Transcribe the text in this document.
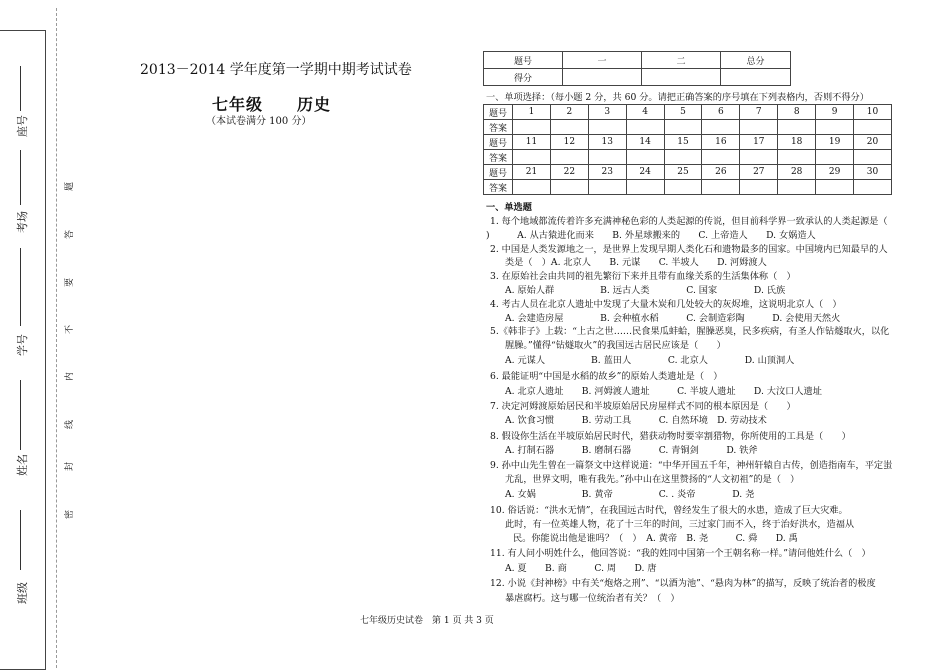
班级
姓名
学号
考场
座号
密
封
线
内
不
要
答
题
2013－2014 学年度第一学期中期考试试卷
七年级　　历史
（本试卷满分 100 分）
题号	一	二	总分
得分			
一、单项选择：（每小题 2 分，共 60 分。请把正确答案的序号填在下列表格内，否则不得分）
题号	1	2	3	4	5	6	7	8	9	10
答案										
题号	11	12	13	14	15	16	17	18	19	20
答案										
题号	21	22	23	24	25	26	27	28	29	30
答案										
一、单选题
1. 每个地域都流传着许多充满神秘色彩的人类起源的传说，但目前科学界一致承认的人类起源是（
)　　　A. 从古猿进化而来　　B. 外星球搬来的　　C. 上帝造人　　D. 女娲造人
2. 中国是人类发源地之一，是世界上发现早期人类化石和遗物最多的国家。中国境内已知最早的人
类是（　）A. 北京人　　B. 元谋　　C. 半坡人　　D. 河姆渡人
3. 在原始社会由共同的祖先繁衍下来并且带有血缘关系的生活集体称（　）
A. 原始人群　　　　　B. 远古人类　　　　C. 国家　　　　D. 氏族
4. 考古人员在北京人遗址中发现了大量木炭和几处较大的灰烬堆，这说明北京人（　）
A. 会建造房屋　　　　B. 会种植水稻　　　C. 会制造彩陶　　　D. 会使用天然火
5.《韩非子》上载：“上古之世……民食果瓜蚌蛤，腥臊恶臭，民多疾病，有圣人作钻燧取火，以化
腥臊。”懂得“钻燧取火”的我国远古居民应该是（　　）
A. 元谋人　　　　　B. 蓝田人　　　　C. 北京人　　　　D. 山顶洞人
6. 最能证明“中国是水稻的故乡”的原始人类遗址是（　）
A. 北京人遗址　　B. 河姆渡人遗址　　　C. 半坡人遗址　　D. 大汶口人遗址
7. 决定河姆渡原始居民和半坡原始居民房屋样式不同的根本原因是（　　）
A. 饮食习惯　　　B. 劳动工具　　　C. 自然环境　D. 劳动技术
8. 假设你生活在半坡原始居民时代，猎获动物时要宰割猎物，你所使用的工具是（　　）
A. 打制石器　　　B. 磨制石器　　　C. 青铜剑　　　D. 铁斧
9. 孙中山先生曾在一篇祭文中这样说道：“中华开国五千年，神州轩辕自古传，创造指南车，平定蚩
尤乱，世界文明，唯有我先。”孙中山在这里赞扬的“人文初祖”的是（　）
A. 女娲　　　　　B. 黄帝　　　　　C. . 炎帝　　　　D. 尧
10. 俗话说：“洪水无情”，在我国远古时代，曾经发生了很大的水患，造成了巨大灾难。
此时，有一位英雄人物，花了十三年的时间，三过家门而不入，终于治好洪水，造福从
民。你能说出他是谁吗？（　）　A. 黄帝　B. 尧　　　C. 舜　　D. 禹
11. 有人问小明姓什么，他回答说：“我的姓同中国第一个王朝名称一样。”请问他姓什么（　）
A. 夏　　B. 商　　　C. 周　　D. 唐
12. 小说《封神榜》中有关“炮烙之刑”、“以酒为池”、“悬肉为林”的描写，反映了统治者的极度
暴虐腐朽。这与哪一位统治者有关？（　）
七年级历史试卷　第 1 页 共 3 页
